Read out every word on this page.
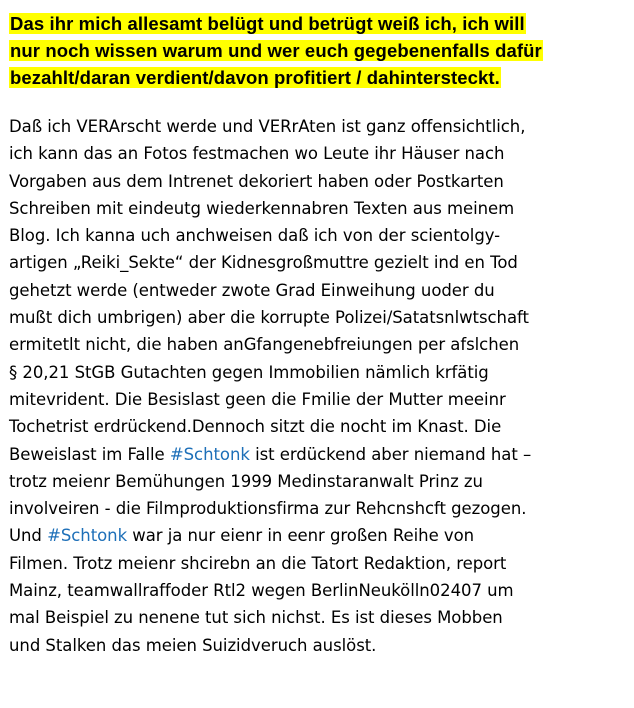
Das ihr mich allesamt belügt und betrügt weiß ich, ich will
nur noch wissen warum und wer euch gegebenenfalls dafür
bezahlt/daran verdient/davon profitiert / dahintersteckt.

Daß ich VERArscht werde und VERrAten ist ganz offensichtlich,
ich kann das an Fotos festmachen wo Leute ihr Häuser nach
Vorgaben aus dem Intrenet dekoriert haben oder Postkarten
Schreiben mit eindeutg wiederkennabren Texten aus meinem
Blog. Ich kanna uch anchweisen daß ich von der scientolgy-
artigen „Reiki_Sekte“ der Kidnesgroßmuttre gezielt ind en Tod
gehetzt werde (entweder zwote Grad Einweihung uoder du
mußt dich umbrigen) aber die korrupte Polizei/Satatsnlwtschaft
ermitetlt nicht, die haben anGfangenebfreiungen per afslchen
§ 20,21 StGB Gutachten gegen Immobilien nämlich krfätig
mitevrident. Die Besislast geen die Fmilie der Mutter meeinr
Tochetrist erdrückend.Dennoch sitzt die nocht im Knast. Die
Beweislast im Falle #Schtonk ist erdückend aber niemand hat –
trotz meienr Bemühungen 1999 Medinstaranwalt Prinz zu
involveiren - die Filmproduktionsfirma zur Rehcnshcft gezogen.
Und #Schtonk war ja nur eienr in eenr großen Reihe von
Filmen. Trotz meienr shcirebn an die Tatort Redaktion, report
Mainz, teamwallraffoder Rtl2 wegen BerlinNeukölln02407 um
mal Beispiel zu nenene tut sich nichst. Es ist dieses Mobben
und Stalken das meien Suizidveruch auslöst.
